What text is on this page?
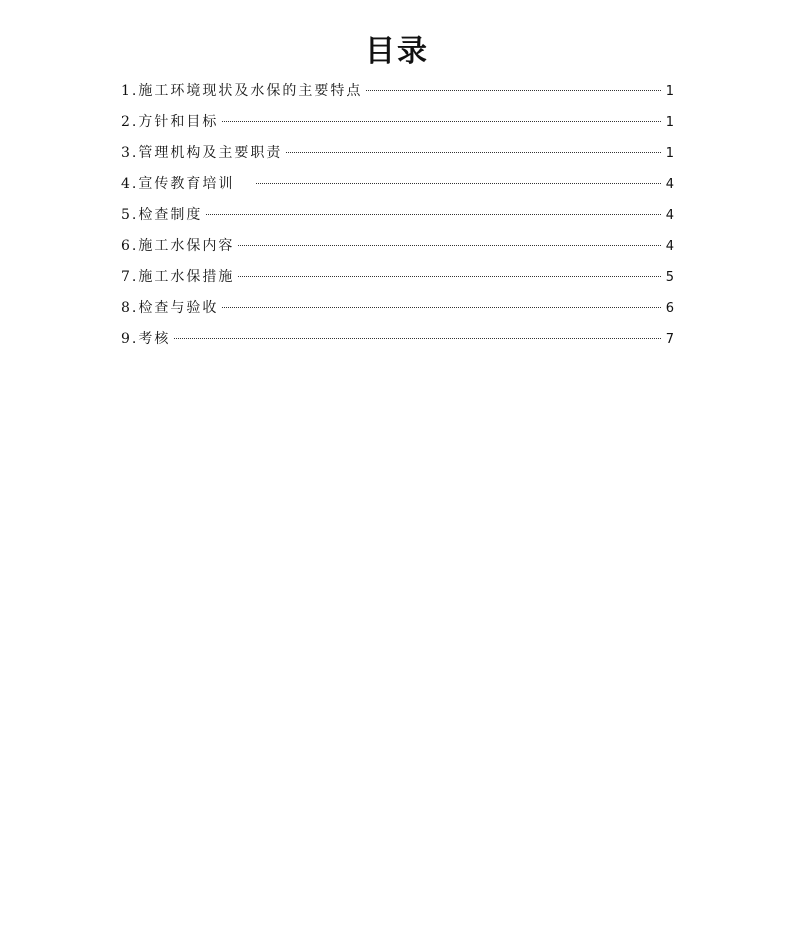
目录
1. 施工环境现状及水保的主要特点	1
2. 方针和目标	1
3. 管理机构及主要职责	1
4. 宣传教育培训	4
5. 检查制度	4
6. 施工水保内容	4
7. 施工水保措施	5
8. 检查与验收	6
9. 考核	7
